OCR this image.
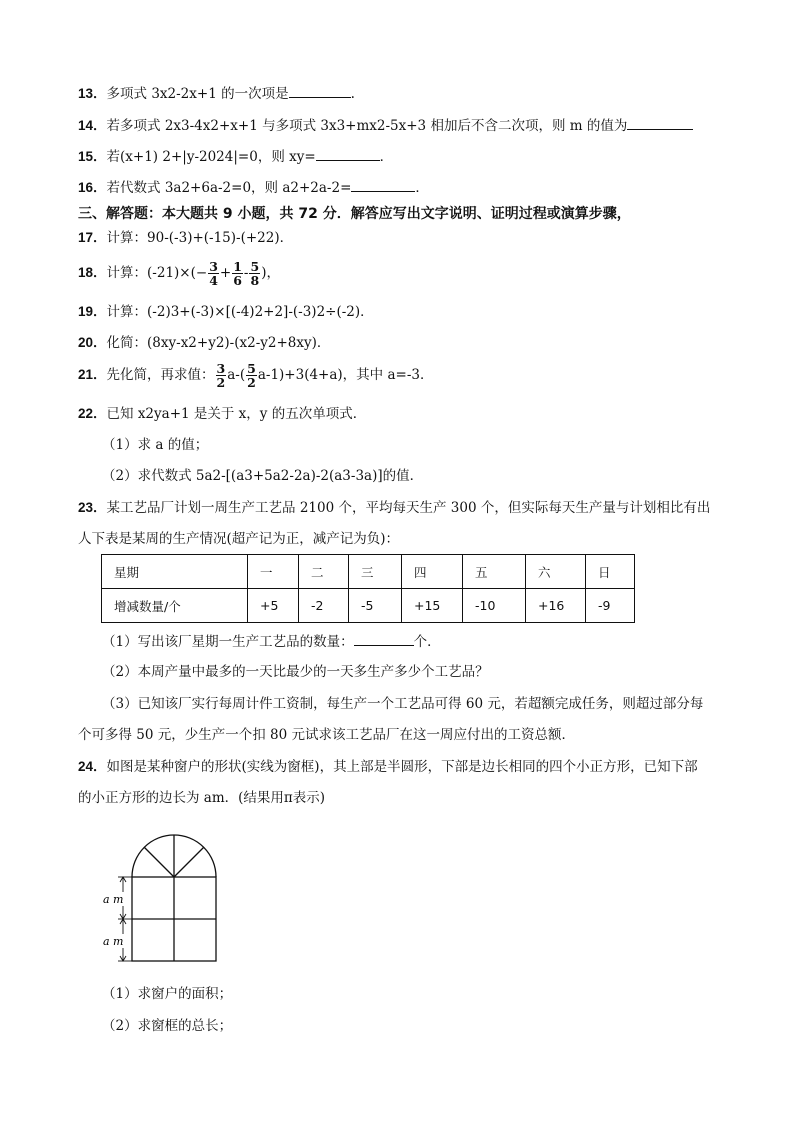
13．多项式 3x2-2x+1 的一次项是	.
14．若多项式 2x3-4x2+x+1 与多项式 3x3+mx2-5x+3 相加后不含二次项，则 m 的值为
15．若(x+1) 2+|y-2024|=0，则 xy=	．
16．若代数式 3a2+6a-2=0，则 a2+2a-2=	．
三、解答题：本大题共 9 小题，共 72 分．解答应写出文字说明、证明过程或演算步骤，
17．计算：90-(-3)+(-15)-(+22)．
18．计算：$(-21)\times(- \frac{3}{4} + \frac{1}{6} - \frac{5}{8}$ )，
19．计算：(-2)3+(-3)×[(-4)2+2]-(-3)2÷(-2)．
20．化简：(8xy-x2+y2)-(x2-y2+8xy)．
21．先化简，再求值： $\frac{3}{2} a-( \frac{5}{2} a-1)+3(4+a)$，其中 a=-3．
22．已知 x2ya+1 是关于 x，y 的五次单项式．
（1）求 a 的值；
（2）求代数式 5a2-[(a3+5a2-2a)-2(a3-3a)]的值．
23．某工艺品厂计划一周生产工艺品 2100 个，平均每天生产 300 个，但实际每天生产量与计划相比有出
人下表是某周的生产情况(超产记为正，减产记为负)：
星期	一	二	三	四	五	六	日
增减数量/个	+5	-2	-5	+15	-10	+16	-9
（1）写出该厂星期一生产工艺品的数量：	个．
（2）本周产量中最多的一天比最少的一天多生产多少个工艺品？
（3）已知该厂实行每周计件工资制，每生产一个工艺品可得 60 元，若超额完成任务，则超过部分每
个可多得 50 元，少生产一个扣 80 元试求该工艺品厂在这一周应付出的工资总额．
24．如图是某种窗户的形状(实线为窗框)，其上部是半圆形，下部是边长相同的四个小正方形，已知下部
的小正方形的边长为 am．(结果用π表示)
a m
a m
（1）求窗户的面积；
（2）求窗框的总长；
